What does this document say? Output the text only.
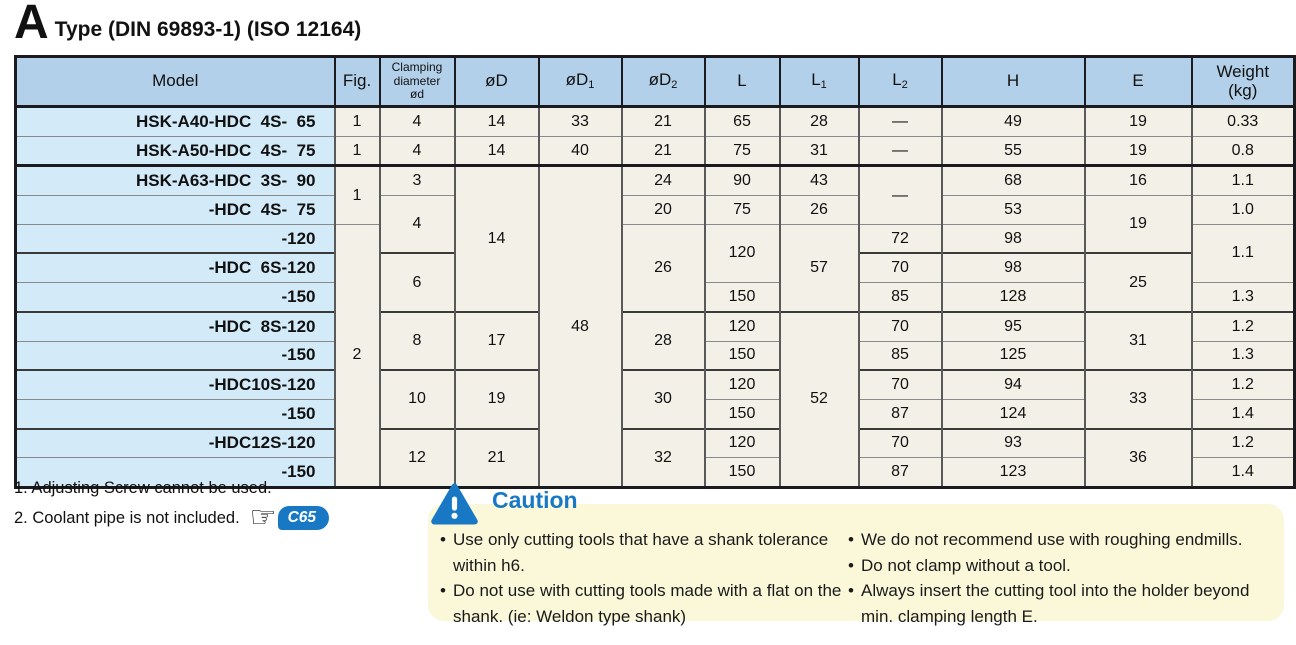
A Type (DIN 69893-1) (ISO 12164)
Model	Fig.	Clamping
diameter
ød	øD	$øD_1$	$øD_2$	L	$L_1$	$L_2$	H	E	Weight
(kg)
HSK-A40-HDC  4S-  65	1	4	14	33	21	65	28	—	49	19	0.33
HSK-A50-HDC  4S-  75	1	4	14	40	21	75	31	—	55	19	0.8
HSK-A63-HDC  3S-  90	1	3	14	48	24	90	43	—	68	16	1.1
-HDC  4S-  75		4			20	75	26		53	19	1.0
-120	2				26	120	57	72	98		1.1
-HDC  6S-120		6						70	98	25	
-150						150		85	128		1.3
-HDC  8S-120		8	17		28	120	52	70	95	31	1.2
-150						150		85	125		1.3
-HDC10S-120		10	19		30	120		70	94	33	1.2
-150						150		87	124		1.4
-HDC12S-120		12	21		32	120		70	93	36	1.2
-150						150		87	123		1.4
1. Adjusting Screw cannot be used.
2. Coolant pipe is not included. ☞ C65
Caution
• Use only cutting tools that have a shank tolerance within h6.
• Do not use with cutting tools made with a flat on the shank. (ie: Weldon type shank)
• We do not recommend use with roughing endmills.
• Do not clamp without a tool.
• Always insert the cutting tool into the holder beyond min. clamping length E.
